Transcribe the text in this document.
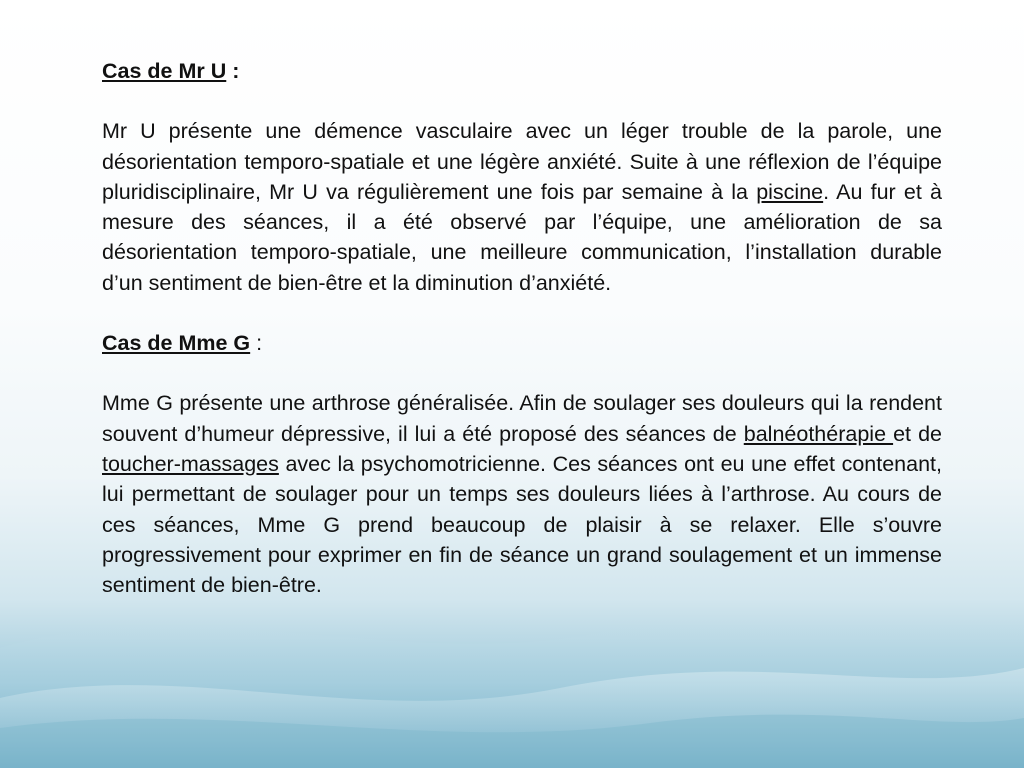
Cas de Mr U :

Mr U présente une démence vasculaire avec un léger trouble de la parole, une désorientation temporo-spatiale et une légère anxiété. Suite à une réflexion de l’équipe pluridisciplinaire, Mr U va régulièrement une fois par semaine à la piscine. Au fur et à mesure des séances, il a été observé par l’équipe, une amélioration de sa désorientation temporo-spatiale, une meilleure communication, l’installation durable d’un sentiment de bien-être et la diminution d’anxiété.

Cas de Mme G :

Mme G présente une arthrose généralisée. Afin de soulager ses douleurs qui la rendent souvent d’humeur dépressive, il lui a été proposé des séances de balnéothérapie et de toucher-massages avec la psychomotricienne. Ces séances ont eu une effet contenant, lui permettant de soulager pour un temps ses douleurs liées à l’arthrose. Au cours de ces séances, Mme G prend beaucoup de plaisir à se relaxer. Elle s’ouvre progressivement pour exprimer en fin de séance un grand soulagement et un immense sentiment de bien-être.
